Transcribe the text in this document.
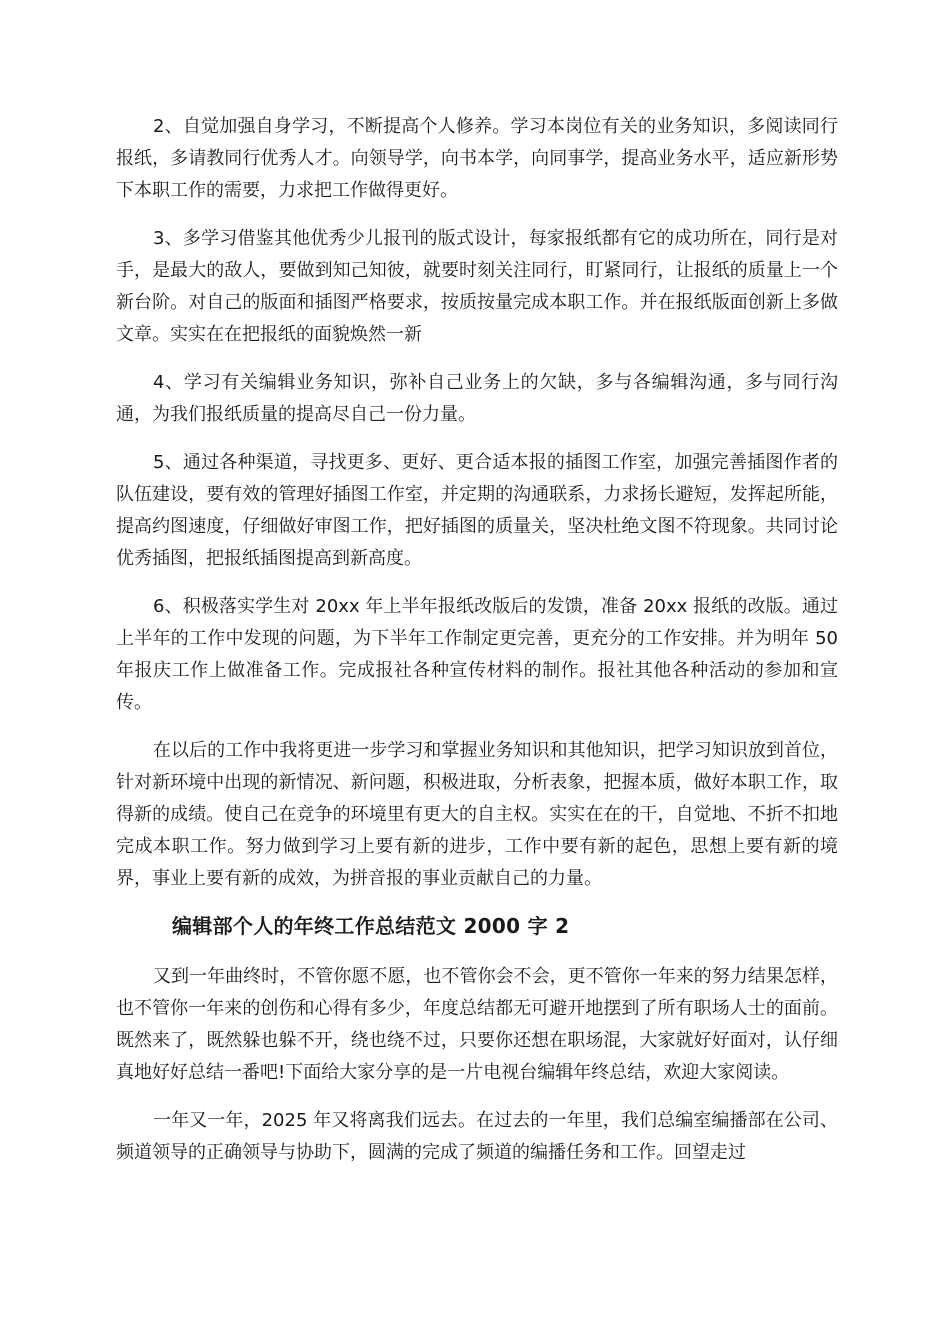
2、自觉加强自身学习，不断提高个人修养。学习本岗位有关的业务知识，多阅读同行报纸，多请教同行优秀人才。向领导学，向书本学，向同事学，提高业务水平，适应新形势下本职工作的需要，力求把工作做得更好。

3、多学习借鉴其他优秀少儿报刊的版式设计，每家报纸都有它的成功所在，同行是对手，是最大的敌人，要做到知己知彼，就要时刻关注同行，盯紧同行，让报纸的质量上一个新台阶。对自己的版面和插图严格要求，按质按量完成本职工作。并在报纸版面创新上多做文章。实实在在把报纸的面貌焕然一新

4、学习有关编辑业务知识，弥补自己业务上的欠缺，多与各编辑沟通，多与同行沟通，为我们报纸质量的提高尽自己一份力量。

5、通过各种渠道，寻找更多、更好、更合适本报的插图工作室，加强完善插图作者的队伍建设，要有效的管理好插图工作室，并定期的沟通联系，力求扬长避短，发挥起所能，提高约图速度，仔细做好审图工作，把好插图的质量关，坚决杜绝文图不符现象。共同讨论优秀插图，把报纸插图提高到新高度。

6、积极落实学生对 20xx 年上半年报纸改版后的发馈，准备 20xx 报纸的改版。通过上半年的工作中发现的问题，为下半年工作制定更完善，更充分的工作安排。并为明年 50 年报庆工作上做准备工作。完成报社各种宣传材料的制作。报社其他各种活动的参加和宣传。

在以后的工作中我将更进一步学习和掌握业务知识和其他知识，把学习知识放到首位，针对新环境中出现的新情况、新问题，积极进取，分析表象，把握本质，做好本职工作，取得新的成绩。使自己在竞争的环境里有更大的自主权。实实在在的干，自觉地、不折不扣地完成本职工作。努力做到学习上要有新的进步，工作中要有新的起色，思想上要有新的境界，事业上要有新的成效，为拼音报的事业贡献自己的力量。

编辑部个人的年终工作总结范文 2000 字 2

又到一年曲终时，不管你愿不愿，也不管你会不会，更不管你一年来的努力结果怎样，也不管你一年来的创伤和心得有多少，年度总结都无可避开地摆到了所有职场人士的面前。既然来了，既然躲也躲不开，绕也绕不过，只要你还想在职场混，大家就好好面对，认仔细真地好好总结一番吧!下面给大家分享的是一片电视台编辑年终总结，欢迎大家阅读。

一年又一年，2025 年又将离我们远去。在过去的一年里，我们总编室编播部在公司、频道领导的正确领导与协助下，圆满的完成了频道的编播任务和工作。回望走过
